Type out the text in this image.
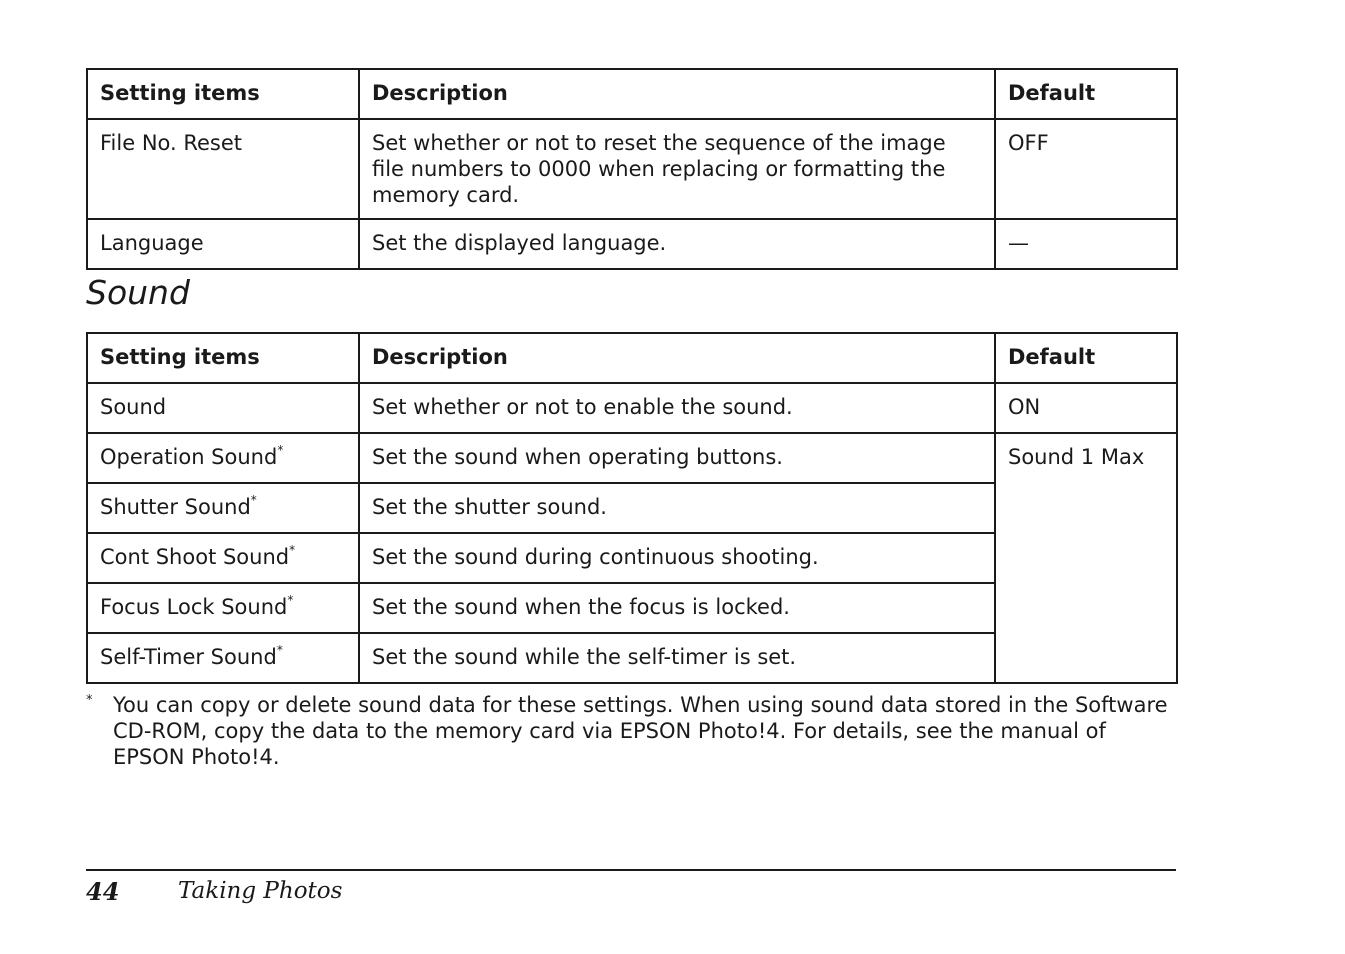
Setting items	Description	Default
File No. Reset	Set whether or not to reset the sequence of the image file numbers to 0000 when replacing or formatting the memory card.	OFF
Language	Set the displayed language.	—
Sound
Setting items	Description	Default
Sound	Set whether or not to enable the sound.	ON
Operation Sound*	Set the sound when operating buttons.	Sound 1 Max
Shutter Sound*	Set the shutter sound.	
Cont Shoot Sound*	Set the sound during continuous shooting.	
Focus Lock Sound*	Set the sound when the focus is locked.	
Self-Timer Sound*	Set the sound while the self-timer is set.	
* You can copy or delete sound data for these settings. When using sound data stored in the Software CD-ROM, copy the data to the memory card via EPSON Photo!4. For details, see the manual of EPSON Photo!4.
44	Taking Photos
